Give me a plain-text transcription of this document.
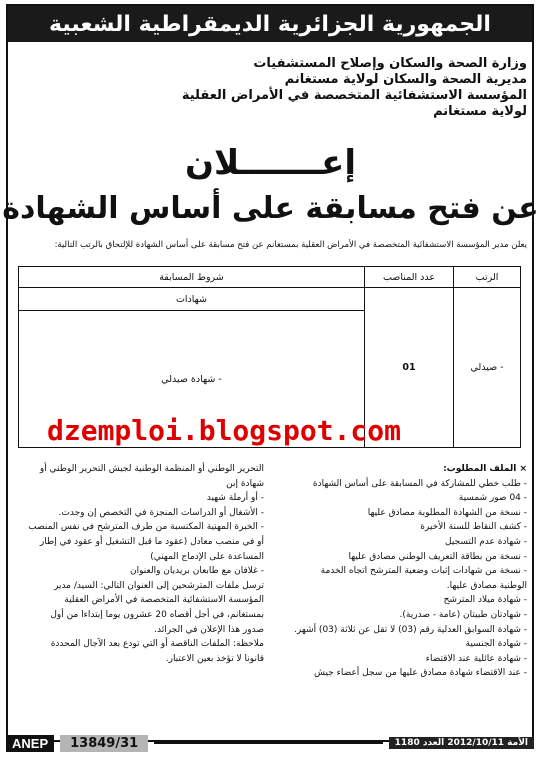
الجمهورية الجزائرية الديمقراطية الشعبية
وزارة الصحة والسكان وإصلاح المستشفيات
مديرية الصحة والسكان لولاية مستغانم
المؤسسة الاستشفائية المتخصصة في الأمراض العقلية
لولاية مستغانم
إعـــــــلان
عن فتح مسابقة على أساس الشهادة
يعلن مدير المؤسسة الاستشفائية المتخصصة في الأمراض العقلية بمستغانم عن فتح مسابقة على أساس الشهادة للإلتحاق بالرتب التالية:
الرتب	عدد المناصب	شروط المسابقة
- صيدلي	01	شهادات
		- شهادة صيدلي
dzemploi.blogspot.com
× الملف المطلوب:
- طلب خطي للمشاركة في المسابقة على أساس الشهادة
- 04 صور شمسية
- نسخة من الشهادة المطلوبة مصادق عليها
- كشف النقاط للسنة الأخيرة
- شهادة عدم التسجيل
- نسخة من بطاقة التعريف الوطني مصادق عليها
- نسخة من شهادات إثبات وضعية المترشح اتجاه الخدمة
الوطنية مصادق عليها.
- شهادة ميلاد المترشح
- شهادتان طبيتان (عامة - صدرية).
- شهادة السوابق العدلية رقم (03) لا تقل عن ثلاثة (03) أشهر.
- شهادة الجنسية
- شهادة عائلية عند الاقتضاء
- عند الاقتضاء شهادة مصادق عليها من سجل أعضاء جيش
التحرير الوطني أو المنظمة الوطنية لجيش التحرير الوطني أو
شهادة إبن
- أو أرملة شهيد
- الأشغال أو الدراسات المنجزة في التخصص إن وجدت.
- الخبرة المهنية المكتسبة من طرف المترشح في نفس المنصب
أو في منصب معادل (عقود ما قبل التشغيل أو عقود في إطار
المساعدة على الإدماج المهني)
- غلافان مع طابعان بريديان والعنوان
ترسل ملفات المترشحين إلى العنوان التالي: السيد/ مدير
المؤسسة الاستشفائية المتخصصة في الأمراض العقلية
بمستغانم، في أجل أقصاه 20 عشرون يوما إبتداءا من أول
صدور هذا الإعلان في الجرائد.
ملاحظة: الملفات الناقصة أو التي تودع بعد الآجال المحددة
قانونا لا تؤخذ بعين الاعتبار.
ANEP	13849/31	الأمة 2012/10/11 العدد 1180
